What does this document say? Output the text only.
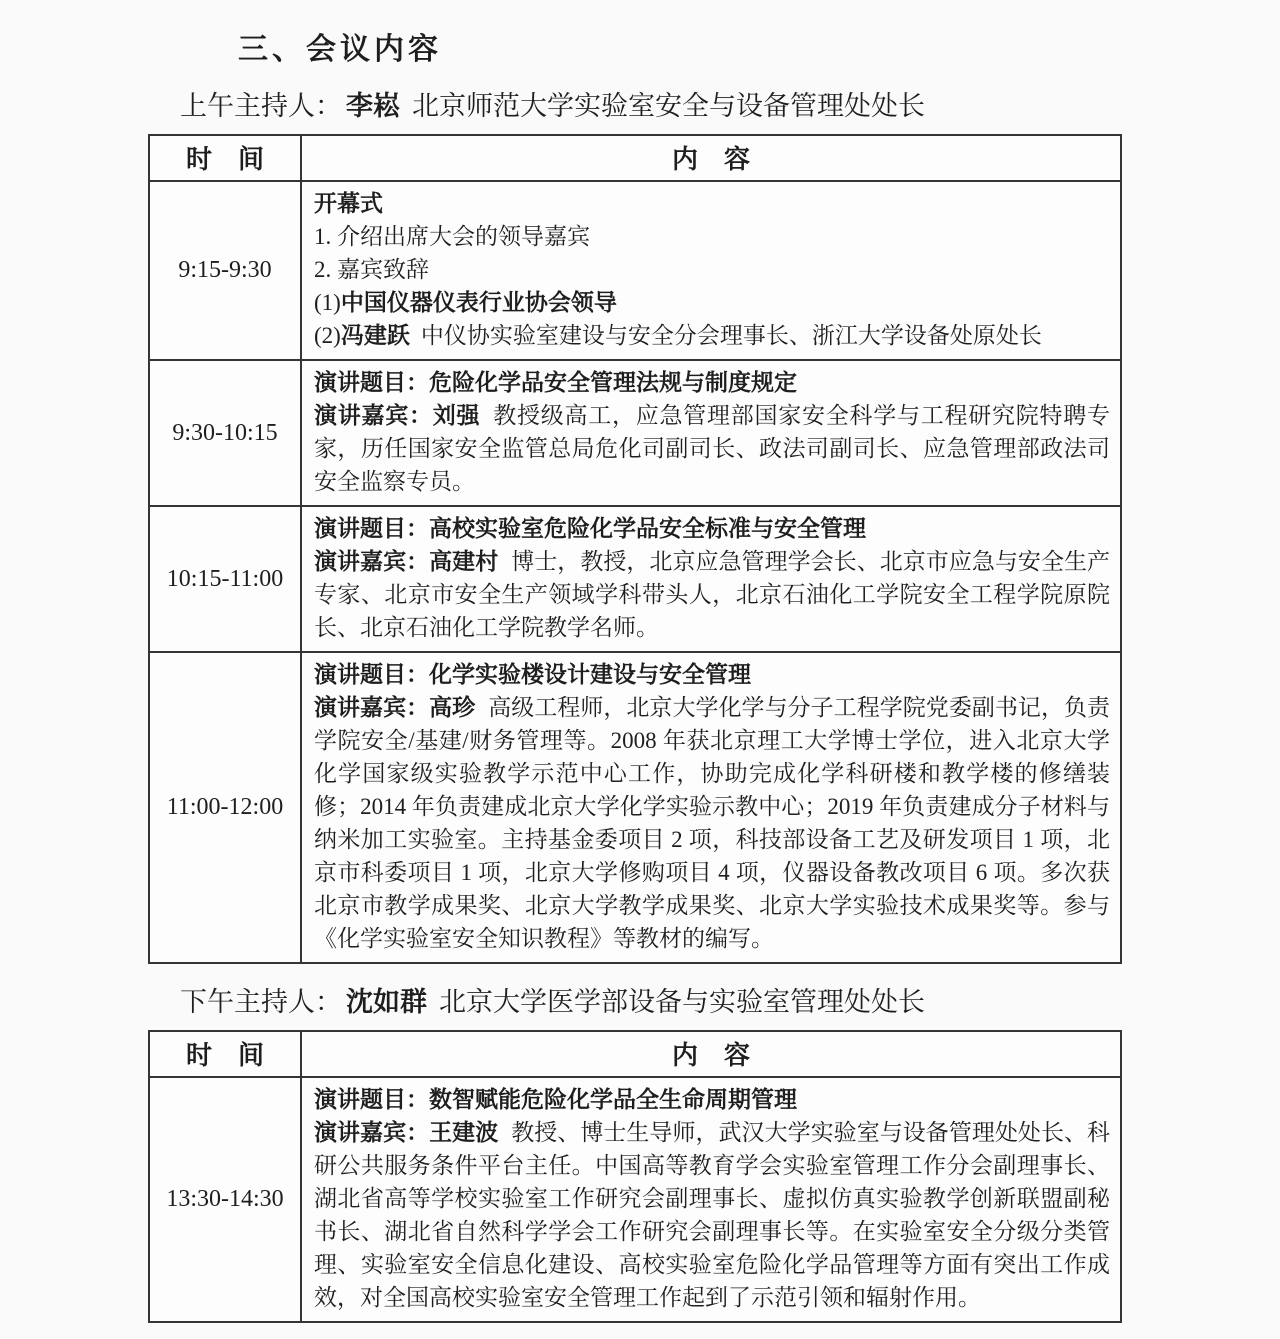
三、会议内容

上午主持人： 李崧 北京师范大学实验室安全与设备管理处处长

时　间	内　容
9:15-9:30	开幕式
1. 介绍出席大会的领导嘉宾
2. 嘉宾致辞
(1)中国仪器仪表行业协会领导
(2)冯建跃 中仪协实验室建设与安全分会理事长、浙江大学设备处原处长

9:30-10:15	演讲题目：危险化学品安全管理法规与制度规定

演讲嘉宾：刘强 教授级高工，应急管理部国家安全科学与工程研究院特聘专家，历任国家安全监管总局危化司副司长、政法司副司长、应急管理部政法司安全监察专员。

10:15-11:00	演讲题目：高校实验室危险化学品安全标准与安全管理

演讲嘉宾：高建村 博士，教授，北京应急管理学会长、北京市应急与安全生产专家、北京市安全生产领域学科带头人，北京石油化工学院安全工程学院原院长、北京石油化工学院教学名师。

11:00-12:00	演讲题目：化学实验楼设计建设与安全管理

演讲嘉宾：高珍 高级工程师，北京大学化学与分子工程学院党委副书记，负责学院安全/基建/财务管理等。2008 年获北京理工大学博士学位，进入北京大学化学国家级实验教学示范中心工作，协助完成化学科研楼和教学楼的修缮装修；2014 年负责建成北京大学化学实验示教中心；2019 年负责建成分子材料与纳米加工实验室。主持基金委项目 2 项，科技部设备工艺及研发项目 1 项，北京市科委项目 1 项，北京大学修购项目 4 项，仪器设备教改项目 6 项。多次获北京市教学成果奖、北京大学教学成果奖、北京大学实验技术成果奖等。参与《化学实验室安全知识教程》等教材的编写。

下午主持人： 沈如群 北京大学医学部设备与实验室管理处处长

时　间	内　容
13:30-14:30	演讲题目：数智赋能危险化学品全生命周期管理

演讲嘉宾：王建波 教授、博士生导师，武汉大学实验室与设备管理处处长、科研公共服务条件平台主任。中国高等教育学会实验室管理工作分会副理事长、湖北省高等学校实验室工作研究会副理事长、虚拟仿真实验教学创新联盟副秘书长、湖北省自然科学学会工作研究会副理事长等。在实验室安全分级分类管理、实验室安全信息化建设、高校实验室危险化学品管理等方面有突出工作成效，对全国高校实验室安全管理工作起到了示范引领和辐射作用。
